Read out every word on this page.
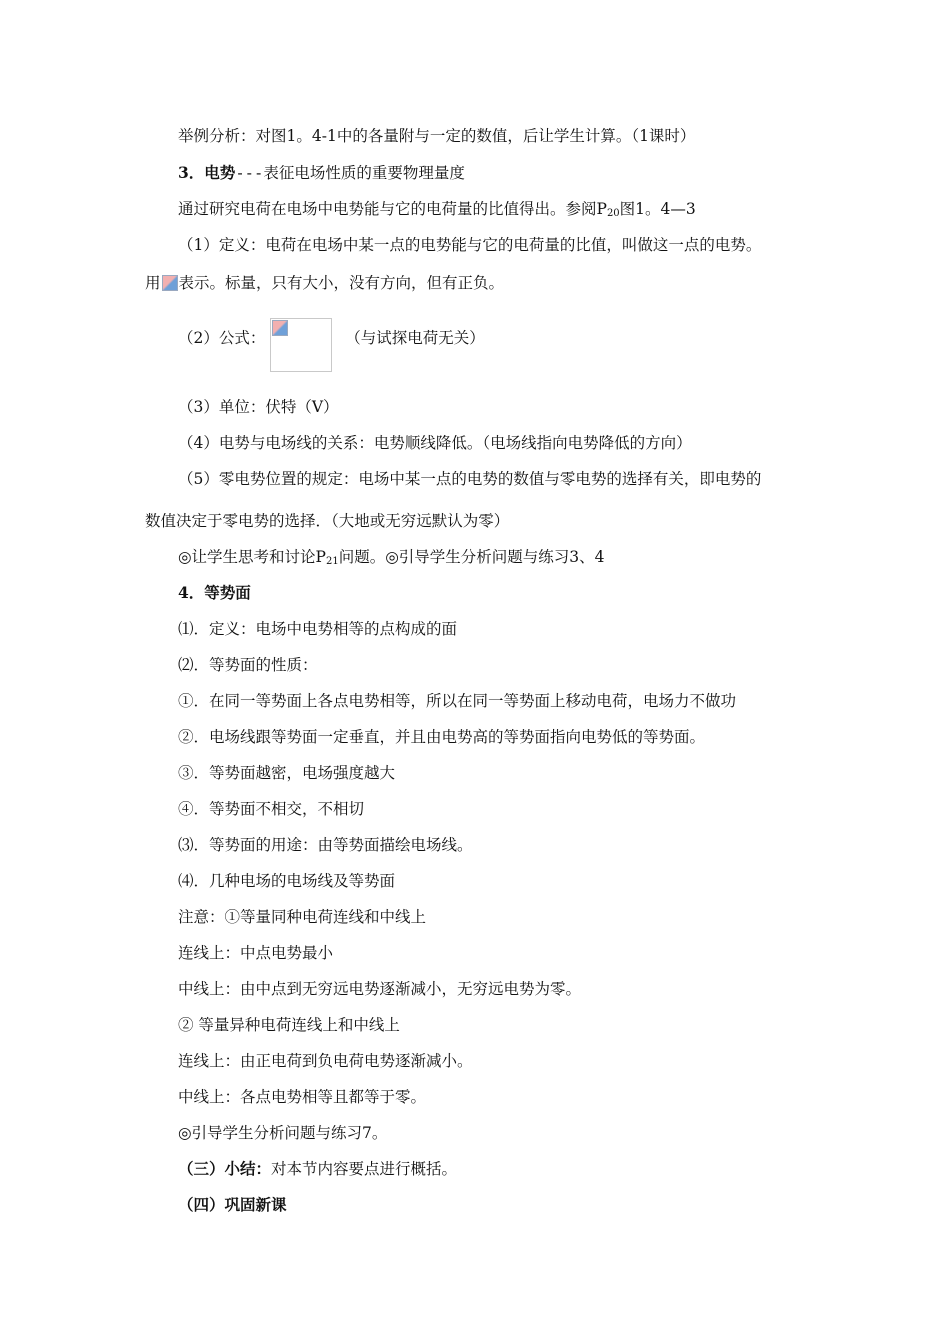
举例分析：对图1。4-1中的各量附与一定的数值，后让学生计算。（1课时）
3．电势---表征电场性质的重要物理量度
通过研究电荷在电场中电势能与它的电荷量的比值得出。参阅$P_{20}$图1。4—3
（1）定义：电荷在电场中某一点的电势能与它的电荷量的比值，叫做这一点的电势。
用 表示。标量，只有大小，没有方向，但有正负。
（2）公式：	（与试探电荷无关）
（3）单位：伏特（V）
（4）电势与电场线的关系：电势顺线降低。（电场线指向电势降低的方向）
（5）零电势位置的规定：电场中某一点的电势的数值与零电势的选择有关，即电势的
数值决定于零电势的选择．（大地或无穷远默认为零）
◎让学生思考和讨论$P_{21}$问题。◎引导学生分析问题与练习3、4
4．等势面
⑴．定义：电场中电势相等的点构成的面
⑵．等势面的性质：
①．在同一等势面上各点电势相等，所以在同一等势面上移动电荷，电场力不做功
②．电场线跟等势面一定垂直，并且由电势高的等势面指向电势低的等势面。
③．等势面越密，电场强度越大
④．等势面不相交，不相切
⑶．等势面的用途：由等势面描绘电场线。
⑷．几种电场的电场线及等势面
注意：①等量同种电荷连线和中线上
连线上：中点电势最小
中线上：由中点到无穷远电势逐渐减小，无穷远电势为零。
② 等量异种电荷连线上和中线上
连线上：由正电荷到负电荷电势逐渐减小。
中线上：各点电势相等且都等于零。
◎引导学生分析问题与练习7。
（三）小结：对本节内容要点进行概括。
（四）巩固新课
